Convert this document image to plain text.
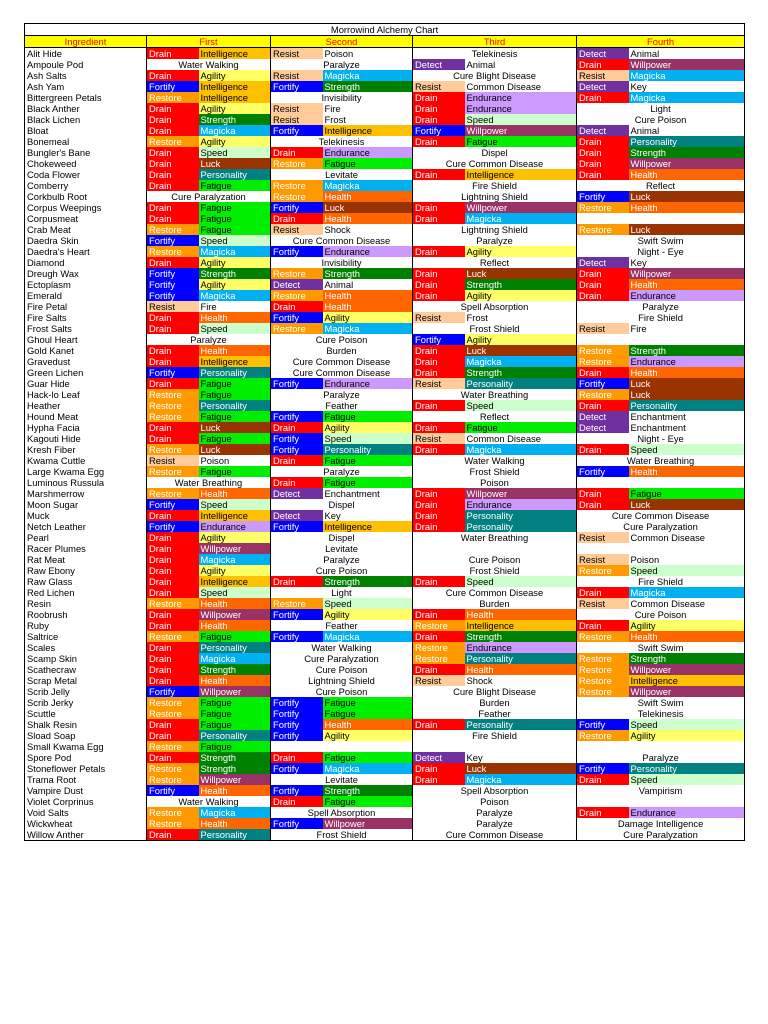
Morrowind Alchemy Chart								
Ingredient	First		Second		Third		Fourth	
Alit Hide	Drain	Intelligence	Resist	Poison	Telekinesis		Detect	Animal
Ampoule Pod	Water Walking		Paralyze		Detect	Animal	Drain	Willpower
Ash Salts	Drain	Agility	Resist	Magicka	Cure Blight Disease		Resist	Magicka
Ash Yam	Fortify	Intelligence	Fortify	Strength	Resist	Common Disease	Detect	Key
Bittergreen Petals	Restore	Intelligence	Invisibility		Drain	Endurance	Drain	Magicka
Black Anther	Drain	Agility	Resist	Fire	Drain	Endurance	Light	
Black Lichen	Drain	Strength	Resist	Frost	Drain	Speed	Cure Poison	
Bloat	Drain	Magicka	Fortify	Intelligence	Fortify	Willpower	Detect	Animal
Bonemeal	Restore	Agility	Telekinesis		Drain	Fatigue	Drain	Personality
Bungler's Bane	Drain	Speed	Drain	Endurance	Dispel		Drain	Strength
Chokeweed	Drain	Luck	Restore	Fatigue	Cure Common Disease		Drain	Willpower
Coda Flower	Drain	Personality	Levitate		Drain	Intelligence	Drain	Health
Comberry	Drain	Fatigue	Restore	Magicka	Fire Shield		Reflect	
Corkbulb Root	Cure Paralyzation		Restore	Health	Lightning Shield		Fortify	Luck
Corpus Weepings	Drain	Fatigue	Fortify	Luck	Drain	Willpower	Restore	Health
Corpusmeat	Drain	Fatigue	Drain	Health	Drain	Magicka		
Crab Meat	Restore	Fatigue	Resist	Shock	Lightning Shield		Restore	Luck
Daedra Skin	Fortify	Speed	Cure Common Disease		Paralyze		Swift Swim	
Daedra's Heart	Restore	Magicka	Fortify	Endurance	Drain	Agility	Night - Eye	
Diamond	Drain	Agility	Invisibility		Reflect		Detect	Key
Dreugh Wax	Fortify	Strength	Restore	Strength	Drain	Luck	Drain	Willpower
Ectoplasm	Fortify	Agility	Detect	Animal	Drain	Strength	Drain	Health
Emerald	Fortify	Magicka	Restore	Health	Drain	Agility	Drain	Endurance
Fire Petal	Resist	Fire	Drain	Health	Spell Absorption		Paralyze	
Fire Salts	Drain	Health	Fortify	Agility	Resist	Frost	Fire Shield	
Frost Salts	Drain	Speed	Restore	Magicka	Frost Shield		Resist	Fire
Ghoul Heart	Paralyze		Cure Poison		Fortify	Agility		
Gold Kanet	Drain	Health	Burden		Drain	Luck	Restore	Strength
Gravedust	Drain	Intelligence	Cure Common Disease		Drain	Magicka	Restore	Endurance
Green Lichen	Fortify	Personality	Cure Common Disease		Drain	Strength	Drain	Health
Guar Hide	Drain	Fatigue	Fortify	Endurance	Resist	Personality	Fortify	Luck
Hack-lo Leaf	Restore	Fatigue	Paralyze		Water Breathing		Restore	Luck
Heather	Restore	Personality	Feather		Drain	Speed	Drain	Personality
Hound Meat	Restore	Fatigue	Fortify	Fatigue	Reflect		Detect	Enchantment
Hypha Facia	Drain	Luck	Drain	Agility	Drain	Fatigue	Detect	Enchantment
Kagouti Hide	Drain	Fatigue	Fortify	Speed	Resist	Common Disease	Night - Eye	
Kresh Fiber	Restore	Luck	Fortify	Personality	Drain	Magicka	Drain	Speed
Kwama Cuttle	Resist	Poison	Drain	Fatigue	Water Walking		Water Breathing	
Large Kwama Egg	Restore	Fatigue	Paralyze		Frost Shield		Fortify	Health
Luminous Russula	Water Breathing		Drain	Fatigue	Poison			
Marshmerrow	Restore	Health	Detect	Enchantment	Drain	Willpower	Drain	Fatigue
Moon Sugar	Fortify	Speed	Dispel		Drain	Endurance	Drain	Luck
Muck	Drain	Intelligence	Detect	Key	Drain	Personality	Cure Common Disease	
Netch Leather	Fortify	Endurance	Fortify	Intelligence	Drain	Personality	Cure Paralyzation	
Pearl	Drain	Agility	Dispel		Water Breathing		Resist	Common Disease
Racer Plumes	Drain	Willpower	Levitate					
Rat Meat	Drain	Magicka	Paralyze		Cure Poison		Resist	Poison
Raw Ebony	Drain	Agility	Cure Poison		Frost Shield		Restore	Speed
Raw Glass	Drain	Intelligence	Drain	Strength	Drain	Speed	Fire Shield	
Red Lichen	Drain	Speed	Light		Cure Common Disease		Drain	Magicka
Resin	Restore	Health	Restore	Speed	Burden		Resist	Common Disease
Roobrush	Drain	Willpower	Fortify	Agility	Drain	Health	Cure Poison	
Ruby	Drain	Health	Feather		Restore	Intelligence	Drain	Agility
Saltrice	Restore	Fatigue	Fortify	Magicka	Drain	Strength	Restore	Health
Scales	Drain	Personality	Water Walking		Restore	Endurance	Swift Swim	
Scamp Skin	Drain	Magicka	Cure Paralyzation		Restore	Personality	Restore	Strength
Scathecraw	Drain	Strength	Cure Poison		Drain	Health	Restore	Willpower
Scrap Metal	Drain	Health	Lightning Shield		Resist	Shock	Restore	Intelligence
Scrib Jelly	Fortify	Willpower	Cure Poison		Cure Blight Disease		Restore	Willpower
Scrib Jerky	Restore	Fatigue	Fortify	Fatigue	Burden		Swift Swim	
Scuttle	Restore	Fatigue	Fortify	Fatigue	Feather		Telekinesis	
Shalk Resin	Drain	Fatigue	Fortify	Health	Drain	Personality	Fortify	Speed
Sload Soap	Drain	Personality	Fortify	Agility	Fire Shield		Restore	Agility
Small Kwama Egg	Restore	Fatigue						
Spore Pod	Drain	Strength	Drain	Fatigue	Detect	Key	Paralyze	
Stoneflower Petals	Restore	Strength	Fortify	Magicka	Drain	Luck	Fortify	Personality
Trama Root	Restore	Willpower	Levitate		Drain	Magicka	Drain	Speed
Vampire Dust	Fortify	Health	Fortify	Strength	Spell Absorption		Vampirism	
Violet Corprinus	Water Walking		Drain	Fatigue	Poison			
Void Salts	Restore	Magicka	Spell Absorption		Paralyze		Drain	Endurance
Wickwheat	Restore	Health	Fortify	Willpower	Paralyze		Damage Intelligence	
Willow Anther	Drain	Personality	Frost Shield		Cure Common Disease		Cure Paralyzation	
